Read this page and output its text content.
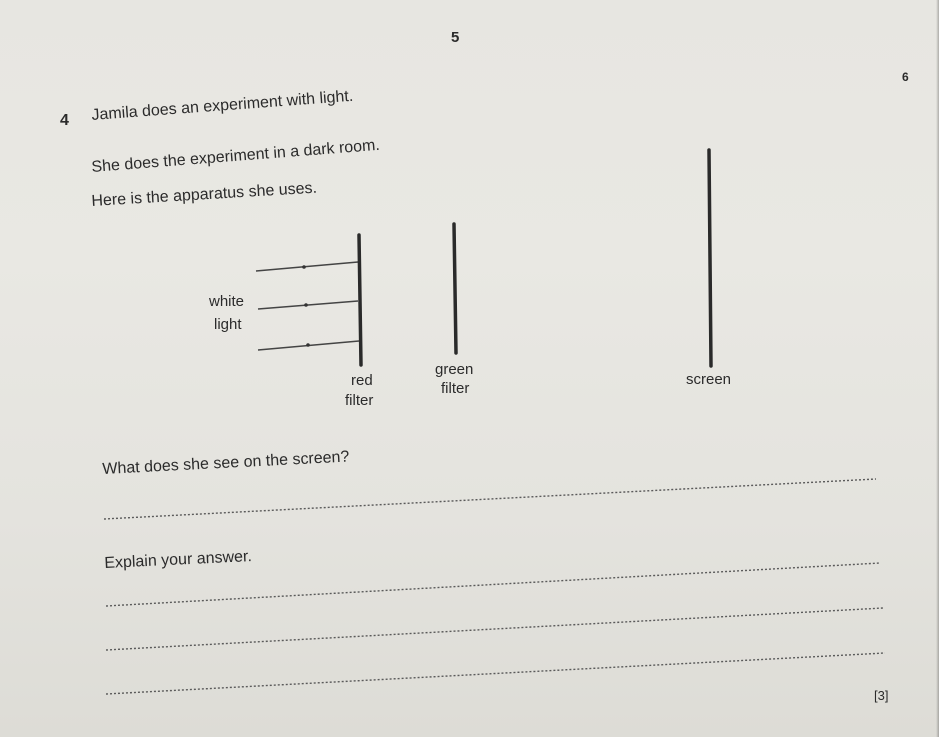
5
6
4 Jamila does an experiment with light.
She does the experiment in a dark room.
Here is the apparatus she uses.
white
light
red
filter
green
filter
screen
What does she see on the screen?
Explain your answer.
[3]
